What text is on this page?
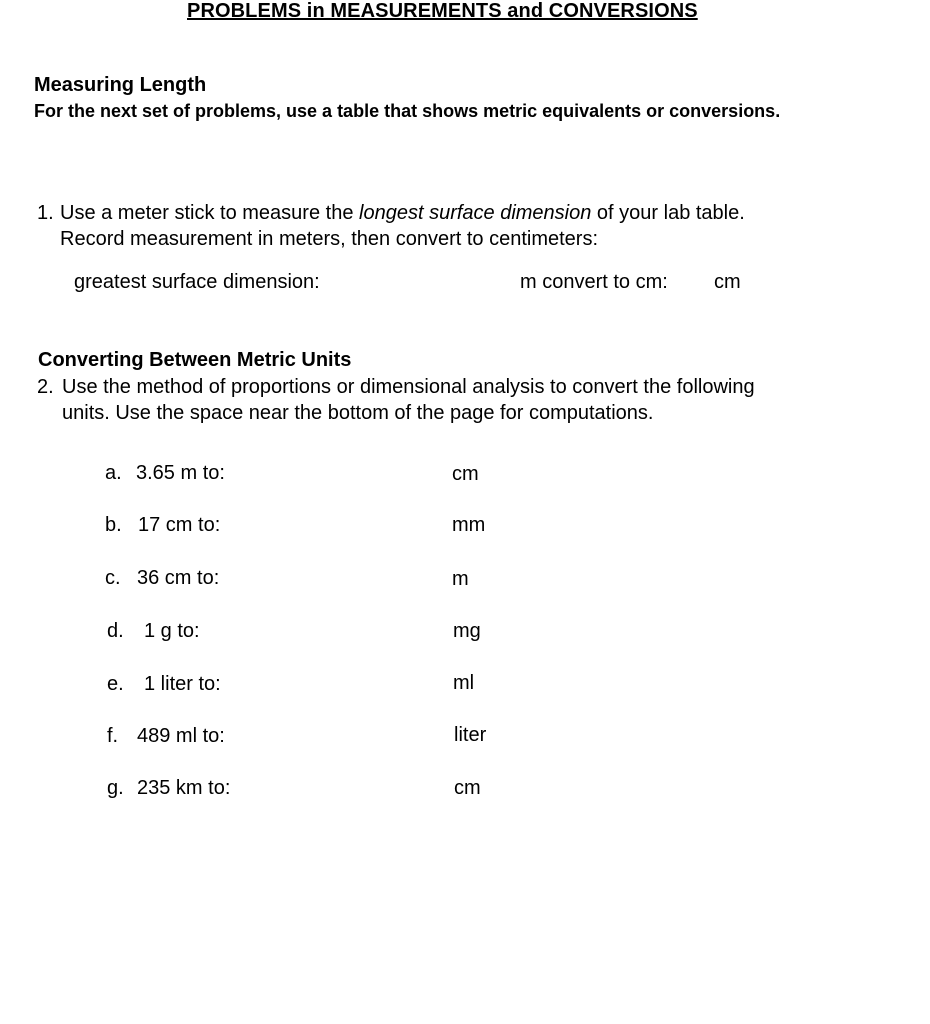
PROBLEMS in MEASUREMENTS and CONVERSIONS
Measuring Length
For the next set of problems, use a table that shows metric equivalents or conversions.
1. Use a meter stick to measure the longest surface dimension of your lab table. Record measurement in meters, then convert to centimeters:
greatest surface dimension:	m convert to cm: cm
Converting Between Metric Units
2. Use the method of proportions or dimensional analysis to convert the following units. Use the space near the bottom of the page for computations.
a. 3.65 m to:	cm
b. 17 cm to:	mm
c. 36 cm to:	m
d. 1 g to:	mg
e. 1 liter to:	ml
f. 489 ml to:	liter
g. 235 km to:	cm
